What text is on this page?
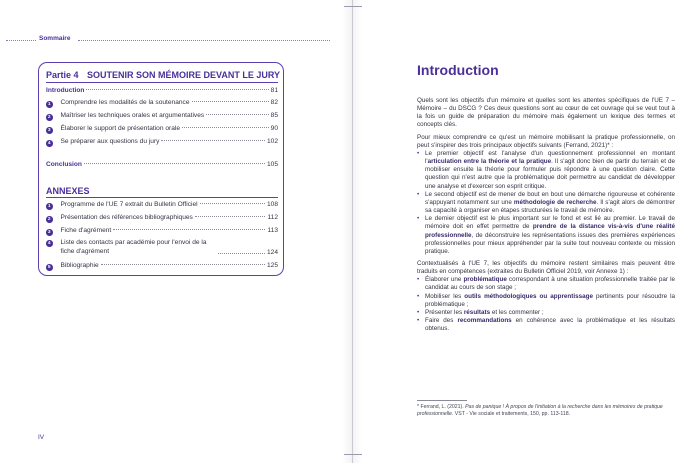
Sommaire
Partie 4 SOUTENIR SON MÉMOIRE DEVANT LE JURY
Introduction	81
1 Comprendre les modalités de la soutenance	82
2 Maîtriser les techniques orales et argumentatives	85
3 Élaborer le support de présentation orale	90
4 Se préparer aux questions du jury	102
Conclusion	105
ANNEXES
1 Programme de l'UE 7 extrait du Bulletin Officiel	108
2 Présentation des références bibliographiques	112
3 Fiche d'agrément	113
4 Liste des contacts par académie pour l'envoi de la fiche d'agrément	124
5 Bibliographie	125
IV
Introduction

Quels sont les objectifs d'un mémoire et quelles sont les attentes spécifiques de l'UE 7 – Mémoire – du DSCG ? Ces deux questions sont au cœur de cet ouvrage qui se veut tout à la fois un guide de préparation du mémoire mais également un lexique des termes et concepts clés.

Pour mieux comprendre ce qu'est un mémoire mobilisant la pratique professionnelle, on peut s'inspirer des trois principaux objectifs suivants (Ferrand, 2021)* :

• Le premier objectif est l'analyse d'un questionnement professionnel en montant l'articulation entre la théorie et la pratique. Il s'agit donc bien de partir du terrain et de mobiliser ensuite la théorie pour formuler puis répondre à une question claire. Cette question qui n'est autre que la problématique doit permettre au candidat de développer une analyse et d'exercer son esprit critique.
• Le second objectif est de mener de bout en bout une démarche rigoureuse et cohérente s'appuyant notamment sur une méthodologie de recherche. Il s'agit alors de démontrer sa capacité à organiser en étapes structurées le travail de mémoire.
• Le dernier objectif est le plus important sur le fond et est lié au premier. Le travail de mémoire doit en effet permettre de prendre de la distance vis-à-vis d'une réalité professionnelle, de déconstruire les représentations issues des premières expériences professionnelles pour mieux appréhender par la suite tout nouveau contexte ou mission pratique.

Contextualisés à l'UE 7, les objectifs du mémoire restent similaires mais peuvent être traduits en compétences (extraites du Bulletin Officiel 2019, voir Annexe 1) :

• Élaborer une problématique correspondant à une situation professionnelle traitée par le candidat au cours de son stage ;
• Mobiliser les outils méthodologiques ou apprentissage pertinents pour résoudre la problématique ;
• Présenter les résultats et les commenter ;
• Faire des recommandations en cohérence avec la problématique et les résultats obtenus.
* Ferrand, L. (2021). Pas de panique ! À propos de l'initiation à la recherche dans les mémoires de pratique professionnelle. VST - Vie sociale et traitements, 150, pp. 113-118.
